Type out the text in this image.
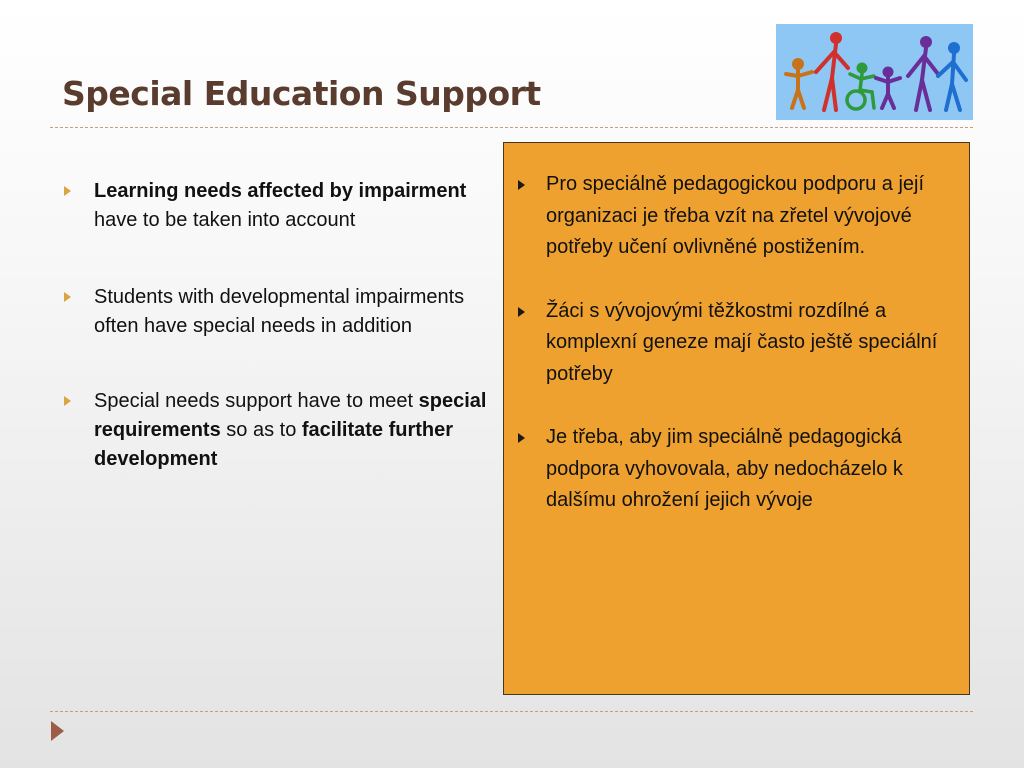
Special Education Support
Learning needs affected by impairment have to be taken into account
Students with developmental impairments often have special needs in addition
Special needs support have to meet special requirements so as to facilitate further development
Pro speciálně pedagogickou podporu a její organizaci je třeba vzít na zřetel vývojové potřeby učení ovlivněné postižením.
Žáci s vývojovými těžkostmi rozdílné a komplexní geneze mají často ještě speciální potřeby
Je třeba, aby jim speciálně pedagogická podpora vyhovovala, aby nedocházelo k dalšímu ohrožení jejich vývoje
